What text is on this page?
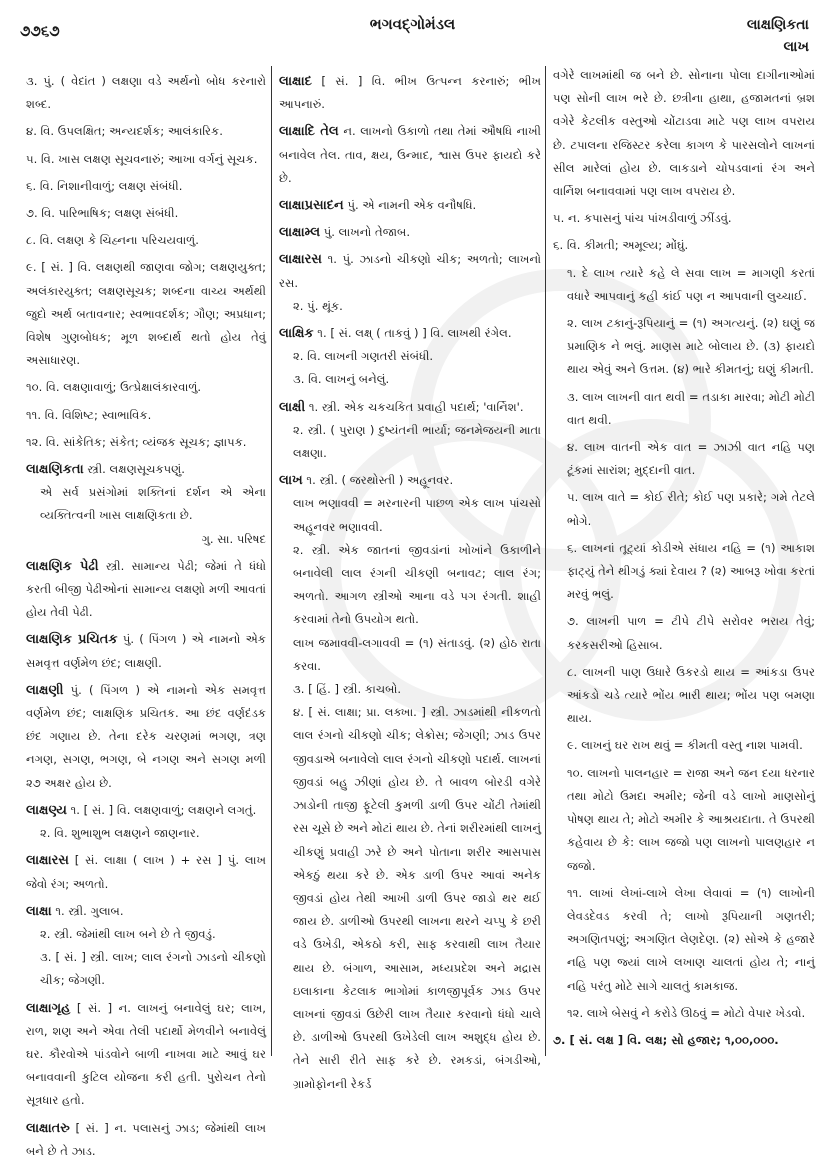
૭૭૬૭	ભગવદ્ગોમંડલ	લાક્ષણિકતા
લાખ

૩. પું. ( વેદાંત ) લક્ષણા વડે અર્થનો બોધ કરનારો શબ્દ.

૪. વિ. ઉપલક્ષિત; અન્યદર્શક; આલંકારિક.

૫. વિ. ખાસ લક્ષણ સૂચવનારું; આખા વર્ગનું સૂચક.

૬. વિ. નિશાનીવાળું; લક્ષણ સંબંધી.

૭. વિ. પારિભાષિક; લક્ષણ સંબંધી.

૮. વિ. લક્ષણ કે ચિહ્નના પરિચયવાળું.

૯. [ સં. ] વિ. લક્ષણથી જાણવા જોગ; લક્ષણયુક્ત; અલંકારયુક્ત; લક્ષણસૂચક; શબ્દના વાચ્ય અર્થથી જુદો અર્થ બતાવનાર; સ્વભાવદર્શક; ગૌણ; અપ્રધાન; વિશેષ ગુણબોધક; મૂળ શબ્દાર્થ થતો હોય તેવું અસાધારણ.

૧૦. વિ. લક્ષણાવાળું; ઉત્પ્રેક્ષાલંકારવાળું.

૧૧. વિ. વિશિષ્ટ; સ્વાભાવિક.

૧૨. વિ. સાંકેતિક; સંકેત; વ્યંજક સૂચક; જ્ઞાપક.

લાક્ષણિકતા સ્ત્રી. લક્ષણસૂચકપણું.

એ સર્વ પ્રસંગોમાં શક્તિનાં દર્શન એ એના વ્યક્તિત્વની ખાસ લાક્ષણિકતા છે.

ગુ. સા. પરિષદ

લાક્ષણિક પેઢી સ્ત્રી. સામાન્ય પેઢી; જેમાં તે ધંધો કરતી બીજી પેઢીઓનાં સામાન્ય લક્ષણો મળી આવતાં હોય તેવી પેઢી.

લાક્ષણિક પ્રચિતક પું. ( પિંગળ ) એ નામનો એક સમવૃત્ત વર્ણમેળ છંદ; લાક્ષણી.

લાક્ષણી પું. ( પિંગળ ) એ નામનો એક સમવૃત્ત વર્ણમેળ છંદ; લાક્ષણિક પ્રચિતક. આ છંદ વર્ણદંડક છંદ ગણાય છે. તેના દરેક ચરણમાં ભગણ, ત્રણ નગણ, સગણ, ભગણ, બે નગણ અને સગણ મળી ૨૭ અક્ષર હોય છે.

લાક્ષણ્ય ૧. [ સં. ] વિ. લક્ષણવાળું; લક્ષણને લગતું.

૨. વિ. શુભાશુભ લક્ષણને જાણનાર.

લાક્ષારસ [ સં. લાક્ષા ( લાખ ) + રસ ] પું. લાખ જેવો રંગ; અળતો.

લાક્ષા ૧. સ્ત્રી. ગુલાબ.

૨. સ્ત્રી. જેમાંથી લાખ બને છે તે જીવડું.

૩. [ સં. ] સ્ત્રી. લાખ; લાલ રંગનો ઝાડનો ચીકણો ચીક; જેગણી.

લાક્ષાગૃહ [ સં. ] ન. લાખનું બનાવેલું ઘર; લાખ, રાળ, શણ અને એવા તેલી પદાર્થો મેળવીને બનાવેલું ઘર. કૌરવોએ પાંડવોને બાળી નાખવા માટે આવું ઘર બનાવવાની કુટિલ યોજના કરી હતી. પુરોચન તેનો સૂત્રધાર હતો.

લાક્ષાતરુ [ સં. ] ન. પલાસનું ઝાડ; જેમાંથી લાખ બને છે તે ઝાડ.

લાક્ષાદ [ સં. ] વિ. ભીખ ઉત્પન્ન કરનારું; ભીખ આપનારું.

લાક્ષાદિ તેલ ન. લાખનો ઉકાળો તથા તેમાં ઔષધિ નાખી બનાવેલ તેલ. તાવ, ક્ષય, ઉન્માદ, શ્વાસ ઉપર ફાયદો કરે છે.

લાક્ષાપ્રસાદન પું. એ નામની એક વનૌષધિ.

લાક્ષામ્લ પું. લાખનો તેજાબ.

લાક્ષારસ ૧. પું. ઝાડનો ચીકણો ચીક; અળતો; લાખનો રસ.

૨. પું. થૂંક.

લાક્ષિક ૧. [ સં. લક્ષ્ ( તાકવું ) ] વિ. લાખથી રંગેલ.

૨. વિ. લાખની ગણતરી સંબંધી.

૩. વિ. લાખનું બનેલું.

લાક્ષી ૧. સ્ત્રી. એક ચકચકિત પ્રવાહી પદાર્થ; 'વાર્નિશ'.

૨. સ્ત્રી. ( પુરાણ ) દુષ્યંતની ભાર્યા; જનમેજયની માતા લક્ષણા.

લાખ ૧. સ્ત્રી. ( જરથોસ્તી ) અહૂનવર.

લાખ ભણાવવી = મરનારની પાછળ એક લાખ પાંચસો અહૂનવર ભણાવવી.

૨. સ્ત્રી. એક જાતનાં જીવડાંનાં ખોખાંને ઉકાળીને બનાવેલી લાલ રંગની ચીકણી બનાવટ; લાલ રંગ; અળતો. આગળ સ્ત્રીઓ આના વડે પગ રંગતી. શાહી કરવામાં તેનો ઉપયોગ થતો.

લાખ જમાવવી-લગાવવી = (૧) સંતાડવું. (૨) હોઠ રાતા કરવા.

૩. [ હિં. ] સ્ત્રી. કાચબો.

૪. [ સં. લાક્ષા; પ્રા. લક્ખા. ] સ્ત્રી. ઝાડમાંથી નીકળતો લાલ રંગનો ચીકણો ચીક; લેક્રોસ; જેગણી; ઝાડ ઉપર જીવડાએ બનાવેલો લાલ રંગનો ચીકણો પદાર્થ. લાખનાં જીવડાં બહુ ઝીણાં હોય છે. તે બાવળ બોરડી વગેરે ઝાડોની તાજી ફૂટેલી કુમળી ડાળી ઉપર ચોંટી તેમાંથી રસ ચૂસે છે અને મોટાં થાય છે. તેનાં શરીરમાંથી લાખનું ચીકણું પ્રવાહી ઝરે છે અને પોતાના શરીર આસપાસ એકઠું થયા કરે છે. એક ડાળી ઉપર આવાં અનેક જીવડાં હોય તેથી આખી ડાળી ઉપર જાડો થર થઈ જાય છે. ડાળીઓ ઉપરથી લાખના થરને ચપ્પુ કે છરી વડે ઉખેડી, એકઠો કરી, સાફ કરવાથી લાખ તૈયાર થાય છે. બંગાળ, આસામ, મધ્યપ્રદેશ અને મદ્રાસ ઇલાકાના કેટલાક ભાગોમાં કાળજીપૂર્વક ઝાડ ઉપર લાખનાં જીવડાં ઉછેરી લાખ તૈયાર કરવાનો ધંધો ચાલે છે. ડાળીઓ ઉપરથી ઉખેડેલી લાખ અશુદ્ધ હોય છે. તેને સારી રીતે સાફ કરે છે. રમકડાં, બંગડીઓ, ગ્રામોફોનની રેકર્ડ

વગેરે લાખમાંથી જ બને છે. સોનાના પોલા દાગીનાઓમાં પણ સોની લાખ ભરે છે. છત્રીના હાથા, હજામતનાં બ્રશ વગેરે કેટલીક વસ્તુઓ ચોંટાડવા માટે પણ લાખ વપરાય છે. ટપાલના રજિસ્ટર કરેલા કાગળ કે પારસલોને લાખનાં સીલ મારેલાં હોય છે. લાકડાને ચોપડવાનાં રંગ અને વાર્નિશ બનાવવામાં પણ લાખ વપરાય છે.

૫. ન. કપાસનું પાંચ પાંખડીવાળું ઝીંડવું.

૬. વિ. કીમતી; અમૂલ્ય; મોંઘું.

૧. દે લાખ ત્યારે કહે લે સવા લાખ = માગણી કરતાં વધારે આપવાનું કહી કાંઈ પણ ન આપવાની લુચ્ચાઈ.

૨. લાખ ટકાનું-રૂપિયાનું = (૧) અગત્યનું. (૨) ઘણું જ પ્રમાણિક ને ભલું. માણસ માટે બોલાય છે. (૩) ફાયદો થાય એવું અને ઉત્તમ. (૪) ભારે કીમતનું; ઘણું કીમતી.

૩. લાખ લાખની વાત થવી = તડાકા મારવા; મોટી મોટી વાત થવી.

૪. લાખ વાતની એક વાત = ઝાઝી વાત નહિ પણ ટૂંકમાં સારાંશ; મુદ્દાની વાત.

૫. લાખ વાતે = કોઈ રીતે; કોઈ પણ પ્રકારે; ગમે તેટલે ભોગે.

૬. લાખનાં તૂટ્યાં કોડીએ સંધાય નહિ = (૧) આકાશ ફાટ્યું તેને થીગડું ક્યાં દેવાય ? (૨) આબરૂ ખોવા કરતાં મરવું ભલું.

૭. લાખની પાળ = ટીપે ટીપે સરોવર ભરાય તેવું; કરકસરીઓ હિસાબ.

૮. લાખની પાણ ઉધારે ઉકરડો થાય = આંકડા ઉપર આંકડો ચડે ત્યારે ભોંય ભારી થાય; ભોંય પણ બમણા થાય.

૯. લાખનું ઘર રાખ થવું = કીમતી વસ્તુ નાશ પામવી.

૧૦. લાખનો પાલનહાર = રાજા અને જન દયા ધરનાર તથા મોટો ઉમદા અમીર; જેની વડે લાખો માણસોનું પોષણ થાય તે; મોટો અમીર કે આશ્રયદાતા. તે ઉપરથી કહેવાય છે કે: લાખ જજો પણ લાખનો પાલણહાર ન જજો.

૧૧. લાખાં લેખાં-લાખે લેખા લેવાવાં = (૧) લાખોની લેવડદેવડ કરવી તે; લાખો રૂપિયાની ગણતરી; અગણિતપણું; અગણિત લેણદેણ. (૨) સોએ કે હજારે નહિ પણ જ્યાં લાખે લખાણ ચાલતાં હોય તે; નાનું નહિ પરંતુ મોટે સાગે ચાલતું કામકાજ.

૧૨. લાખે બેસવું ને કરોડે ઊઠવું = મોટો વેપાર ખેડવો.

૭. [ સં. લક્ષ ] વિ. લક્ષ; સો હજાર; ૧,૦૦,૦૦૦.
